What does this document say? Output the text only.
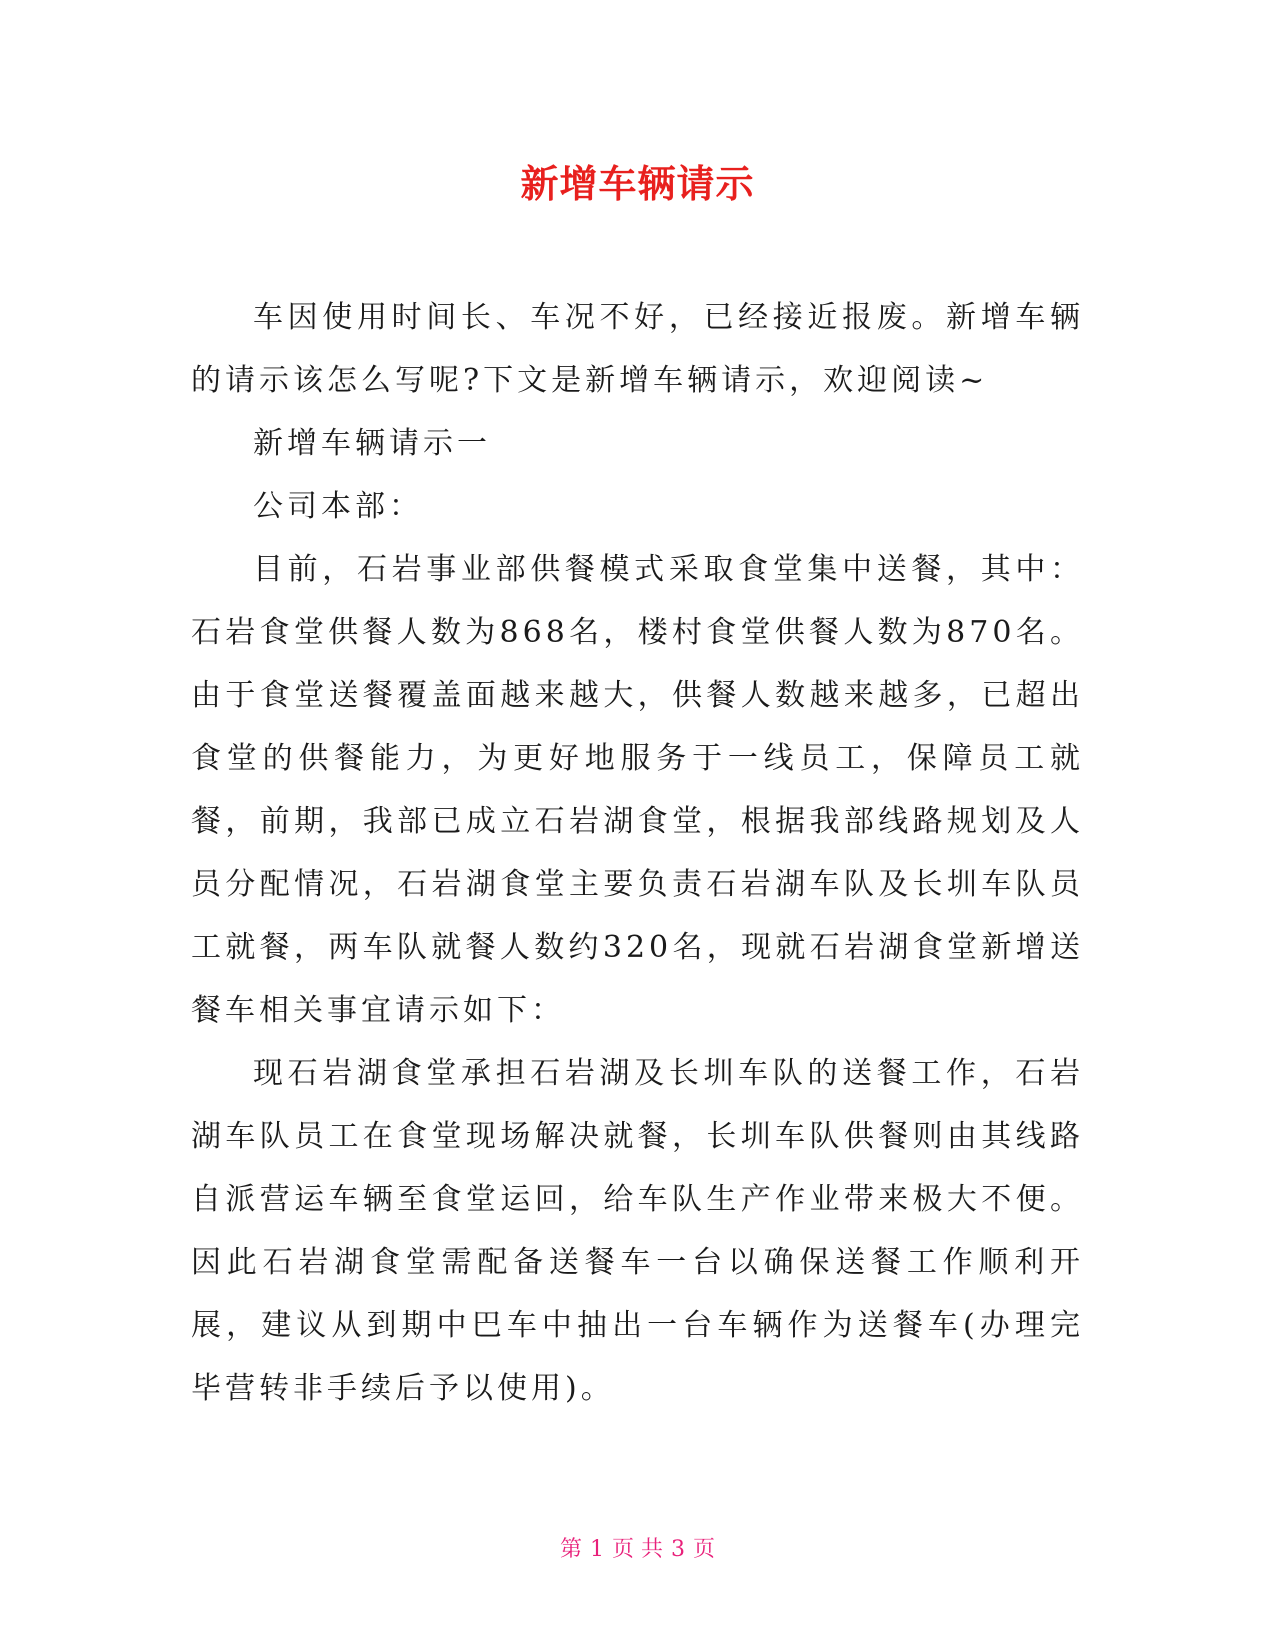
新增车辆请示

车因使用时间长、车况不好，已经接近报废。新增车辆的请示该怎么写呢?下文是新增车辆请示，欢迎阅读~

新增车辆请示一

公司本部：

目前，石岩事业部供餐模式采取食堂集中送餐，其中：石岩食堂供餐人数为868名，楼村食堂供餐人数为870名。由于食堂送餐覆盖面越来越大，供餐人数越来越多，已超出食堂的供餐能力，为更好地服务于一线员工，保障员工就餐，前期，我部已成立石岩湖食堂，根据我部线路规划及人员分配情况，石岩湖食堂主要负责石岩湖车队及长圳车队员工就餐，两车队就餐人数约320名，现就石岩湖食堂新增送餐车相关事宜请示如下：

现石岩湖食堂承担石岩湖及长圳车队的送餐工作，石岩湖车队员工在食堂现场解决就餐，长圳车队供餐则由其线路自派营运车辆至食堂运回，给车队生产作业带来极大不便。因此石岩湖食堂需配备送餐车一台以确保送餐工作顺利开展，建议从到期中巴车中抽出一台车辆作为送餐车(办理完毕营转非手续后予以使用)。

第 1 页 共 3 页
